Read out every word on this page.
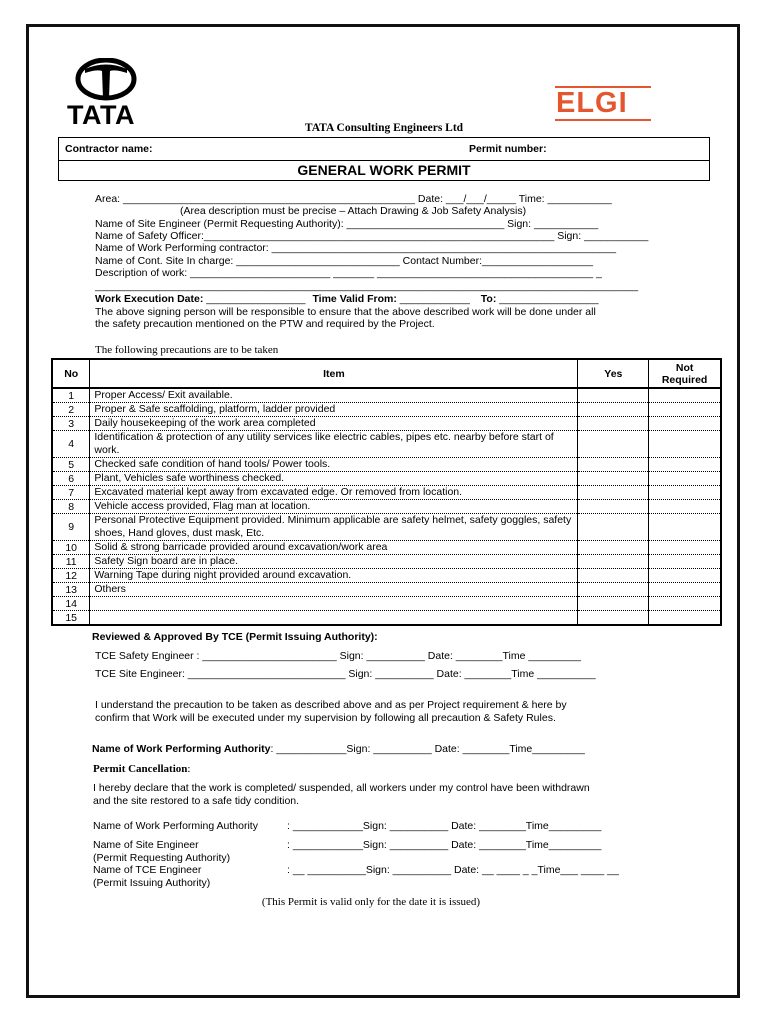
TATA	ELGI
TATA Consulting Engineers Ltd
Contractor name:	Permit number:
GENERAL WORK PERMIT
Area: __________________________________________________ Date: ___/___/_____ Time: ___________
(Area description must be precise – Attach Drawing & Job Safety Analysis)
Name of Site Engineer (Permit Requesting Authority): ___________________________ Sign: ___________
Name of Safety Officer:____________________________________________________________ Sign: ___________
Name of Work Performing contractor: ___________________________________________________________
Name of Cont. Site In charge: ____________________________ Contact Number:___________________
Description of work: ________________________ _______ _____________________________________ _
_____________________________________________________________________________________________
Work Execution Date: _________________ Time Valid From: ____________ To: _________________
The above signing person will be responsible to ensure that the above described work will be done under all
the safety precaution mentioned on the PTW and required by the Project.
The following precautions are to be taken
No	Item	Yes	Not Required
1	Proper Access/ Exit available.		
2	Proper & Safe scaffolding, platform, ladder provided		
3	Daily housekeeping of the work area completed		
4	Identification & protection of any utility services like electric cables, pipes etc. nearby before start of work.		
5	Checked safe condition of hand tools/ Power tools.		
6	Plant, Vehicles safe worthiness checked.		
7	Excavated material kept away from excavated edge. Or removed from location.		
8	Vehicle access provided, Flag man at location.		
9	Personal Protective Equipment provided. Minimum applicable are safety helmet, safety goggles, safety shoes, Hand gloves, dust mask, Etc.		
10	Solid & strong barricade provided around excavation/work area		
11	Safety Sign board are in place.		
12	Warning Tape during night provided around excavation.		
13	Others		
14			
15			
Reviewed & Approved By TCE (Permit Issuing Authority):
TCE Safety Engineer : _______________________ Sign: __________ Date: ________Time _________
TCE Site Engineer: ___________________________ Sign: __________ Date: ________Time __________
I understand the precaution to be taken as described above and as per Project requirement & here by
confirm that Work will be executed under my supervision by following all precaution & Safety Rules.
Name of Work Performing Authority: ____________Sign: __________ Date: ________Time_________
Permit Cancellation:
I hereby declare that the work is completed/ suspended, all workers under my control have been withdrawn
and the site restored to a safe tidy condition.
Name of Work Performing Authority	: ____________Sign: __________ Date: ________Time_________
Name of Site Engineer
(Permit Requesting Authority)
: ____________Sign: __________ Date: ________Time_________
Name of TCE Engineer
(Permit Issuing Authority)
: __ __________Sign: __________ Date: __ ____ _ _Time___ ____ __
(This Permit is valid only for the date it is issued)
